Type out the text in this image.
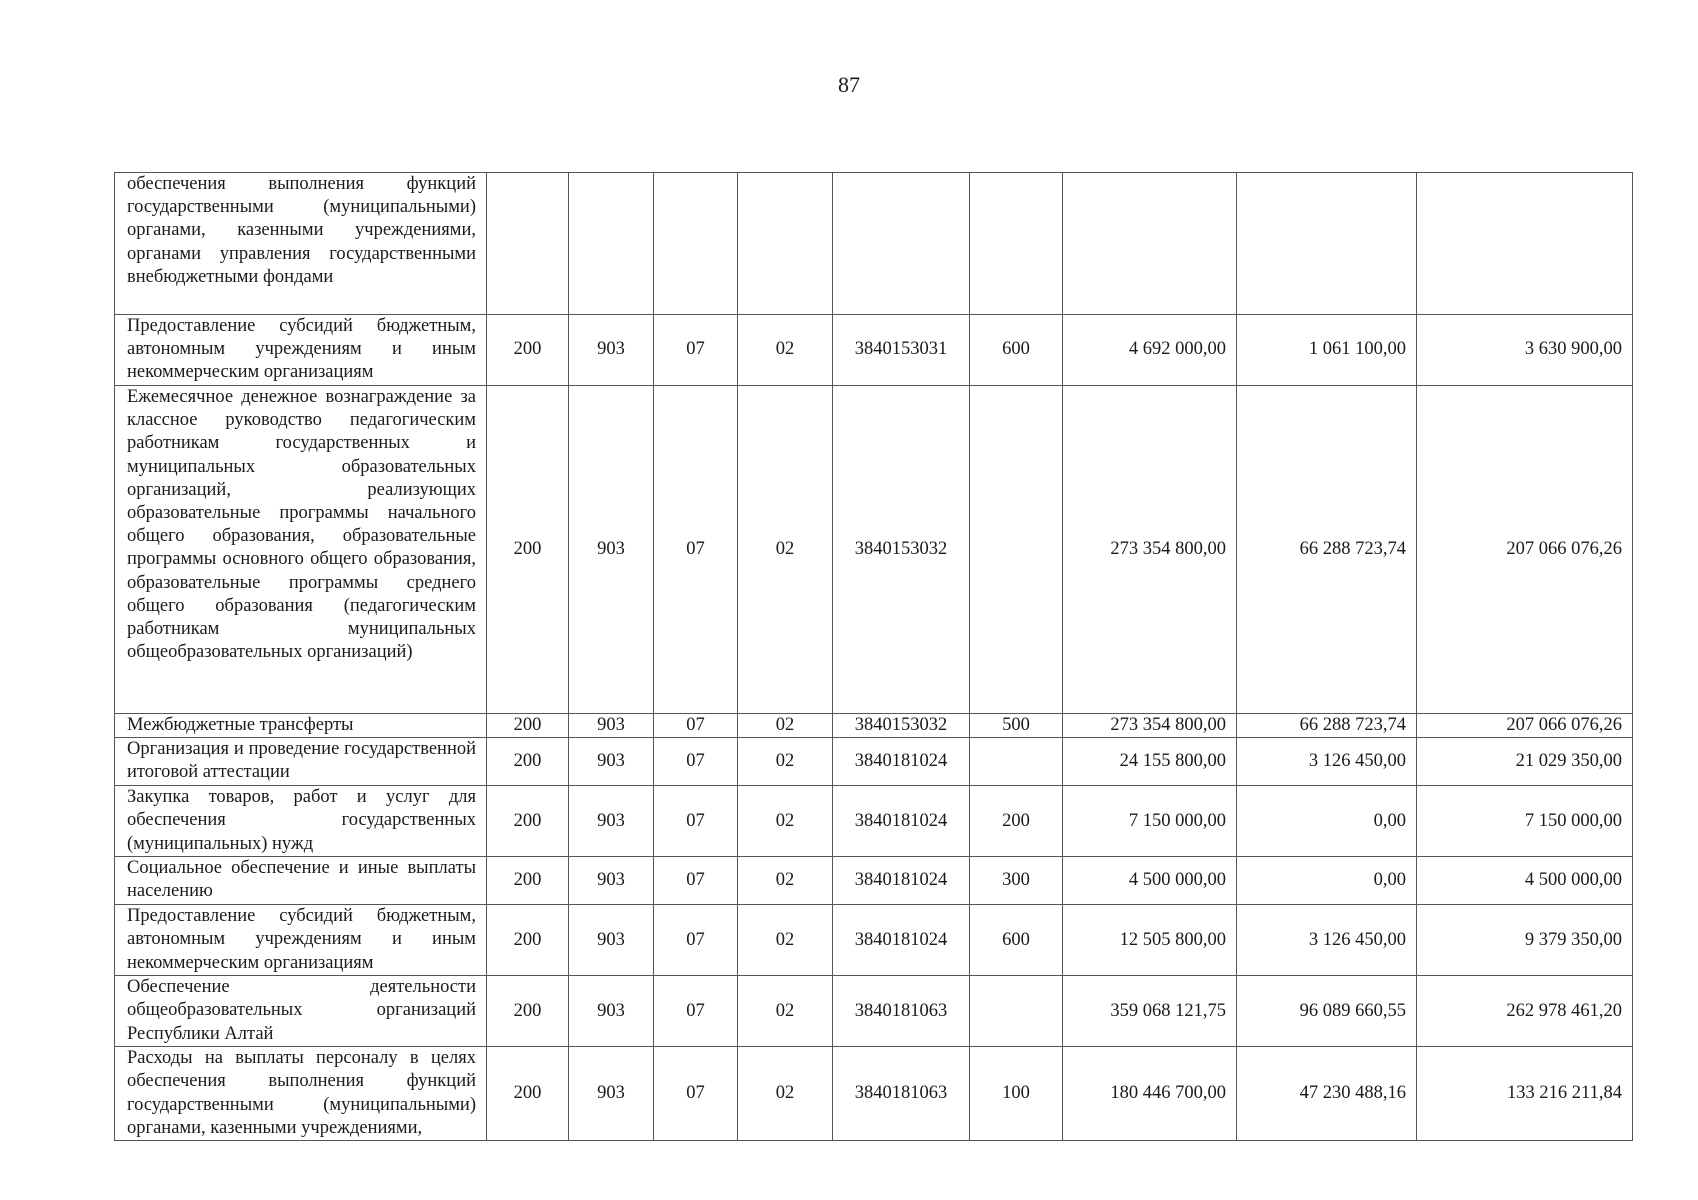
87
обеспечения выполнения функций государственными (муниципальными) органами, казенными учреждениями, органами управления государственными внебюджетными фондами									
Предоставление субсидий бюджетным, автономным учреждениям и иным некоммерческим организациям	200	903	07	02	3840153031	600	4 692 000,00	1 061 100,00	3 630 900,00
Ежемесячное денежное вознаграждение за классное руководство педагогическим работникам государственных и муниципальных образовательных организаций, реализующих образовательные программы начального общего образования, образовательные программы основного общего образования, образовательные программы среднего общего образования (педагогическим работникам муниципальных общеобразовательных организаций)	200	903	07	02	3840153032		273 354 800,00	66 288 723,74	207 066 076,26
Межбюджетные трансферты	200	903	07	02	3840153032	500	273 354 800,00	66 288 723,74	207 066 076,26
Организация и проведение государственной итоговой аттестации	200	903	07	02	3840181024		24 155 800,00	3 126 450,00	21 029 350,00
Закупка товаров, работ и услуг для обеспечения государственных (муниципальных) нужд	200	903	07	02	3840181024	200	7 150 000,00	0,00	7 150 000,00
Социальное обеспечение и иные выплаты населению	200	903	07	02	3840181024	300	4 500 000,00	0,00	4 500 000,00
Предоставление субсидий бюджетным, автономным учреждениям и иным некоммерческим организациям	200	903	07	02	3840181024	600	12 505 800,00	3 126 450,00	9 379 350,00
Обеспечение деятельности общеобразовательных организаций Республики Алтай	200	903	07	02	3840181063		359 068 121,75	96 089 660,55	262 978 461,20
Расходы на выплаты персоналу в целях обеспечения выполнения функций государственными (муниципальными) органами, казенными учреждениями,	200	903	07	02	3840181063	100	180 446 700,00	47 230 488,16	133 216 211,84
